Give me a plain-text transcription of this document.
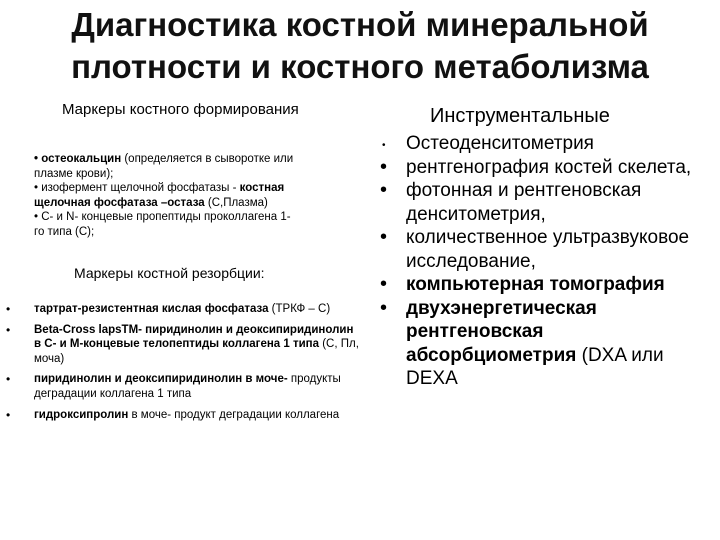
Диагностика костной минеральной
плотности и костного метаболизма
Маркеры костного формирования	Инструментальные
• остеокальцин (определяется в сыворотке или
плазме крови);
• изофермент щелочной фосфатазы - костная
щелочная фосфатаза –остаза (С,Плазма)
• С- и N- концевые пропептиды проколлагена 1-
го типа (С);
Маркеры костной резорбции:
• тартрат-резистентная кислая фосфатаза (ТРКФ – С)
• Beta-Cross lapsTM- пиридинолин и деоксипиридинолин в С- и М-концевые телопептиды коллагена 1 типа (С, Пл, моча)
• пиридинолин и деоксипиридинолин в моче- продукты деградации коллагена 1 типа
• гидроксипролин в моче- продукт деградации коллагена
• Остеоденситометрия
• рентгенография костей скелета,
• фотонная и рентгеновская денситометрия,
• количественное ультразвуковое исследование,
• компьютерная томография
• двухэнергетическая рентгеновская абсорбциометрия (DXA или DEXA
